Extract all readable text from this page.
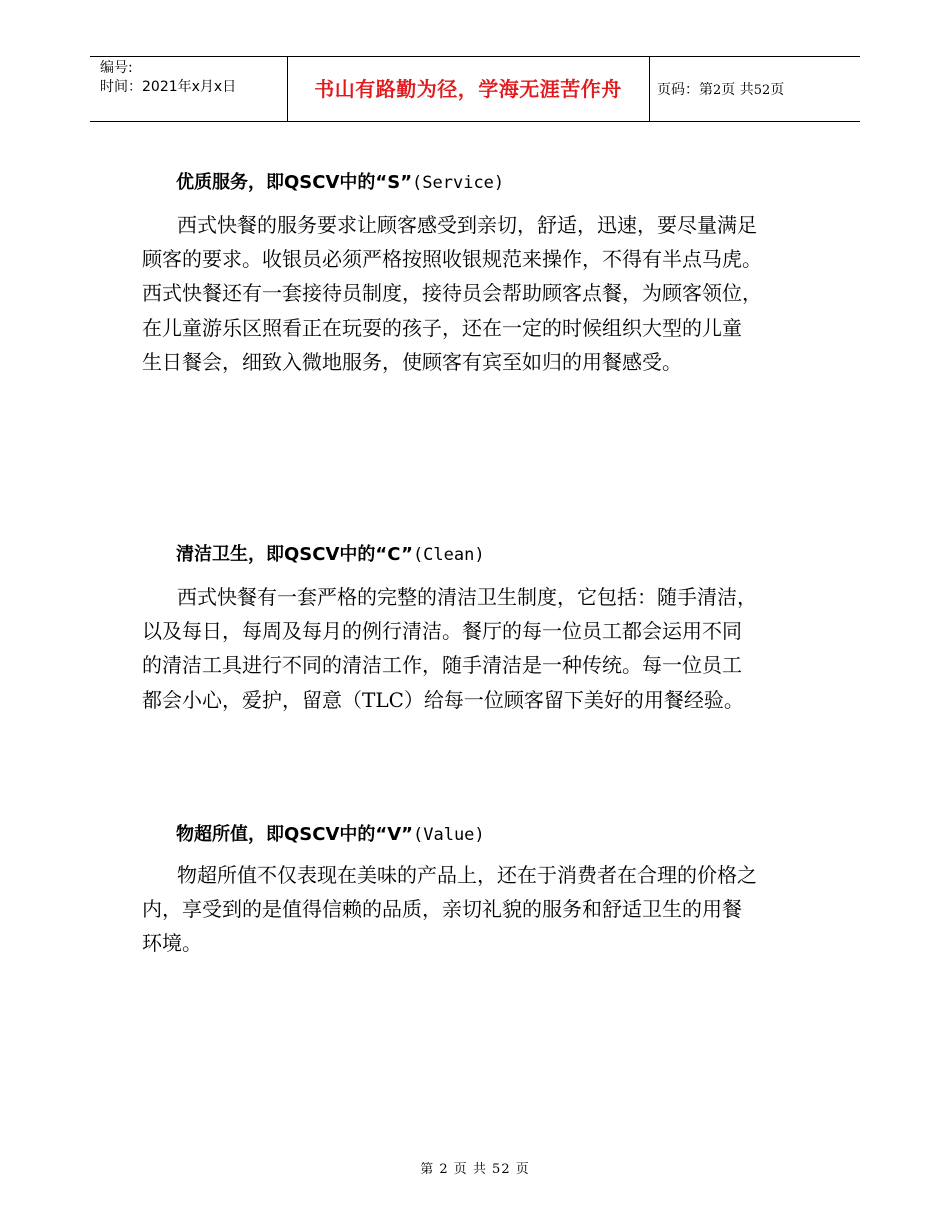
编号:
时间：2021年x月x日	书山有路勤为径，学海无涯苦作舟	页码：第2页 共52页
优质服务，即QSCV中的“S”(Service)
西式快餐的服务要求让顾客感受到亲切，舒适，迅速，要尽量满足
顾客的要求。收银员必须严格按照收银规范来操作，不得有半点马虎。
西式快餐还有一套接待员制度，接待员会帮助顾客点餐，为顾客领位，
在儿童游乐区照看正在玩耍的孩子，还在一定的时候组织大型的儿童
生日餐会，细致入微地服务，使顾客有宾至如归的用餐感受。
清洁卫生，即QSCV中的“C”(Clean)
西式快餐有一套严格的完整的清洁卫生制度，它包括：随手清洁，
以及每日，每周及每月的例行清洁。餐厅的每一位员工都会运用不同
的清洁工具进行不同的清洁工作，随手清洁是一种传统。每一位员工
都会小心，爱护，留意（TLC）给每一位顾客留下美好的用餐经验。
物超所值，即QSCV中的“V”(Value)
物超所值不仅表现在美味的产品上，还在于消费者在合理的价格之
内，享受到的是值得信赖的品质，亲切礼貌的服务和舒适卫生的用餐
环境。
第 2 页 共 52 页
